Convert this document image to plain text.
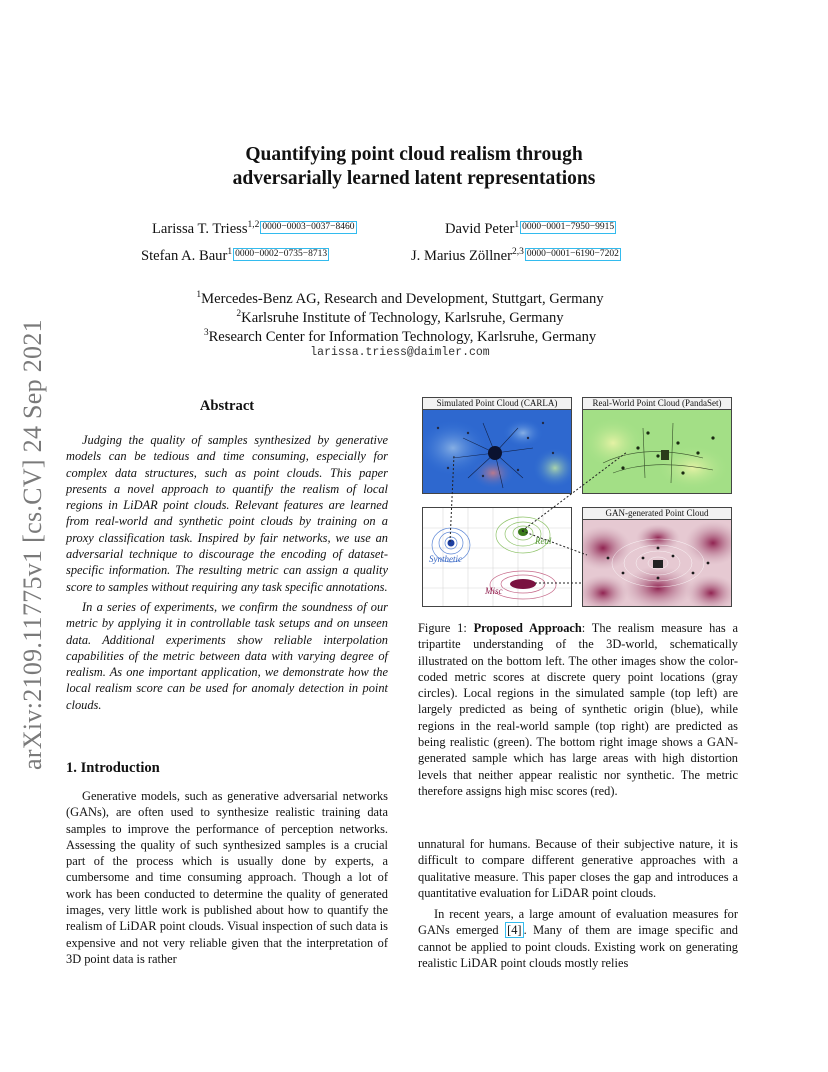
arXiv:2109.11775v1 [cs.CV] 24 Sep 2021
Quantifying point cloud realism through
adversarially learned latent representations
Larissa T. Triess$^{1,2}$ 0000−0003−0037−8460	David Peter$^1$ 0000−0001−7950−9915
Stefan A. Baur$^1$ 0000−0002−0735−8713	J. Marius Zöllner$^{2,3}$ 0000−0001−6190−7202
$^1$Mercedes-Benz AG, Research and Development, Stuttgart, Germany
$^2$Karlsruhe Institute of Technology, Karlsruhe, Germany
$^3$Research Center for Information Technology, Karlsruhe, Germany
larissa.triess@daimler.com
Abstract

Judging the quality of samples synthesized by generative models can be tedious and time consuming, especially for complex data structures, such as point clouds. This paper presents a novel approach to quantify the realism of local regions in LiDAR point clouds. Relevant features are learned from real-world and synthetic point clouds by training on a proxy classification task. Inspired by fair networks, we use an adversarial technique to discourage the encoding of dataset-specific information. The resulting metric can assign a quality score to samples without requiring any task specific annotations.

In a series of experiments, we confirm the soundness of our metric by applying it in controllable task setups and on unseen data. Additional experiments show reliable interpolation capabilities of the metric between data with varying degree of realism. As one important application, we demonstrate how the local realism score can be used for anomaly detection in point clouds.

1. Introduction

Generative models, such as generative adversarial networks (GANs), are often used to synthesize realistic training data samples to improve the performance of perception networks. Assessing the quality of such synthesized samples is a crucial part of the process which is usually done by experts, a cumbersome and time consuming approach. Though a lot of work has been conducted to determine the quality of generated images, very little work is published about how to quantify the realism of LiDAR point clouds. Visual inspection of such data is expensive and not very reliable given that the interpretation of 3D point data is rather

Simulated Point Cloud (CARLA)	Real-World Point Cloud (PandaSet)
Real
Synthetic
Misc
GAN-generated Point Cloud
Figure 1: Proposed Approach: The realism measure has a tripartite understanding of the 3D-world, schematically illustrated on the bottom left. The other images show the color-coded metric scores at discrete query point locations (gray circles). Local regions in the simulated sample (top left) are largely predicted as being of synthetic origin (blue), while regions in the real-world sample (top right) are predicted as being realistic (green). The bottom right image shows a GAN-generated sample which has large areas with high distortion levels that neither appear realistic nor synthetic. The metric therefore assigns high misc scores (red).

unnatural for humans. Because of their subjective nature, it is difficult to compare different generative approaches with a qualitative measure. This paper closes the gap and introduces a quantitative evaluation for LiDAR point clouds.

In recent years, a large amount of evaluation measures for GANs emerged [4] . Many of them are image specific and cannot be applied to point clouds. Existing work on generating realistic LiDAR point clouds mostly relies
